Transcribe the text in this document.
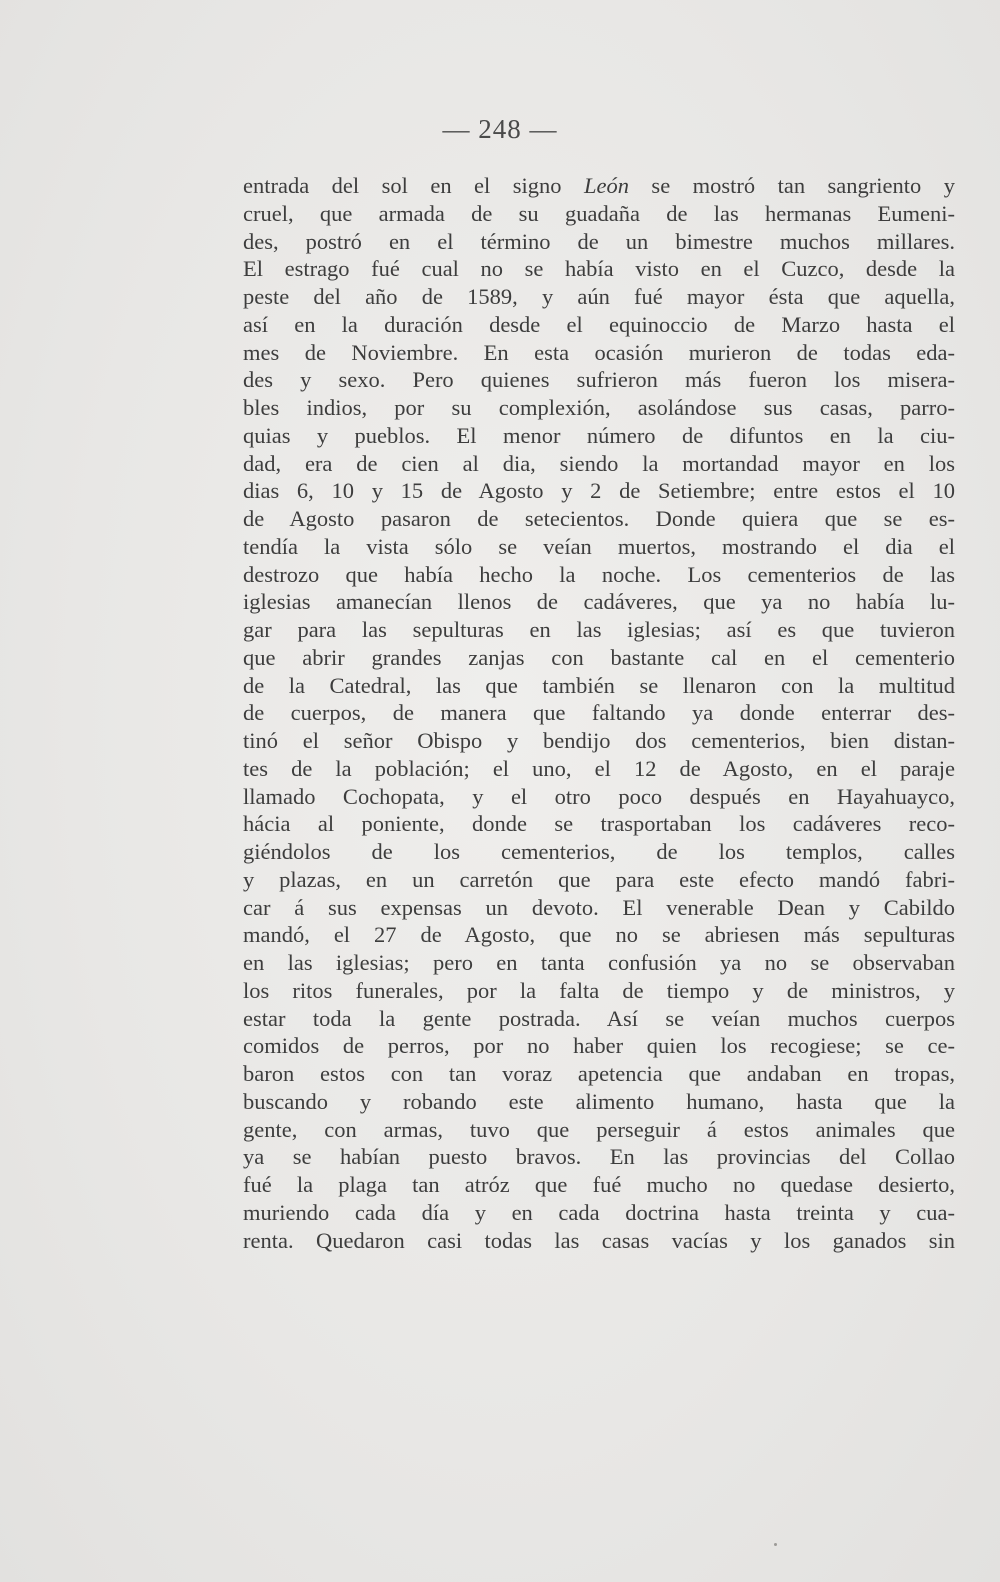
— 248 —
entrada del sol en el signo León se mostró tan sangriento y
cruel, que armada de su guadaña de las hermanas Eumeni-
des, postró en el término de un bimestre muchos millares.
El estrago fué cual no se había visto en el Cuzco, desde la
peste del año de 1589, y aún fué mayor ésta que aquella,
así en la duración desde el equinoccio de Marzo hasta el
mes de Noviembre. En esta ocasión murieron de todas eda-
des y sexo. Pero quienes sufrieron más fueron los misera-
bles indios, por su complexión, asolándose sus casas, parro-
quias y pueblos. El menor número de difuntos en la ciu-
dad, era de cien al dia, siendo la mortandad mayor en los
dias 6, 10 y 15 de Agosto y 2 de Setiembre; entre estos el 10
de Agosto pasaron de setecientos. Donde quiera que se es-
tendía la vista sólo se veían muertos, mostrando el dia el
destrozo que había hecho la noche. Los cementerios de las
iglesias amanecían llenos de cadáveres, que ya no había lu-
gar para las sepulturas en las iglesias; así es que tuvieron
que abrir grandes zanjas con bastante cal en el cementerio
de la Catedral, las que también se llenaron con la multitud
de cuerpos, de manera que faltando ya donde enterrar des-
tinó el señor Obispo y bendijo dos cementerios, bien distan-
tes de la población; el uno, el 12 de Agosto, en el paraje
llamado Cochopata, y el otro poco después en Hayahuayco,
hácia al poniente, donde se trasportaban los cadáveres reco-
giéndolos de los cementerios, de los templos, calles
y plazas, en un carretón que para este efecto mandó fabri-
car á sus expensas un devoto. El venerable Dean y Cabildo
mandó, el 27 de Agosto, que no se abriesen más sepulturas
en las iglesias; pero en tanta confusión ya no se observaban
los ritos funerales, por la falta de tiempo y de ministros, y
estar toda la gente postrada. Así se veían muchos cuerpos
comidos de perros, por no haber quien los recogiese; se ce-
baron estos con tan voraz apetencia que andaban en tropas,
buscando y robando este alimento humano, hasta que la
gente, con armas, tuvo que perseguir á estos animales que
ya se habían puesto bravos. En las provincias del Collao
fué la plaga tan atróz que fué mucho no quedase desierto,
muriendo cada día y en cada doctrina hasta treinta y cua-
renta. Quedaron casi todas las casas vacías y los ganados sin
